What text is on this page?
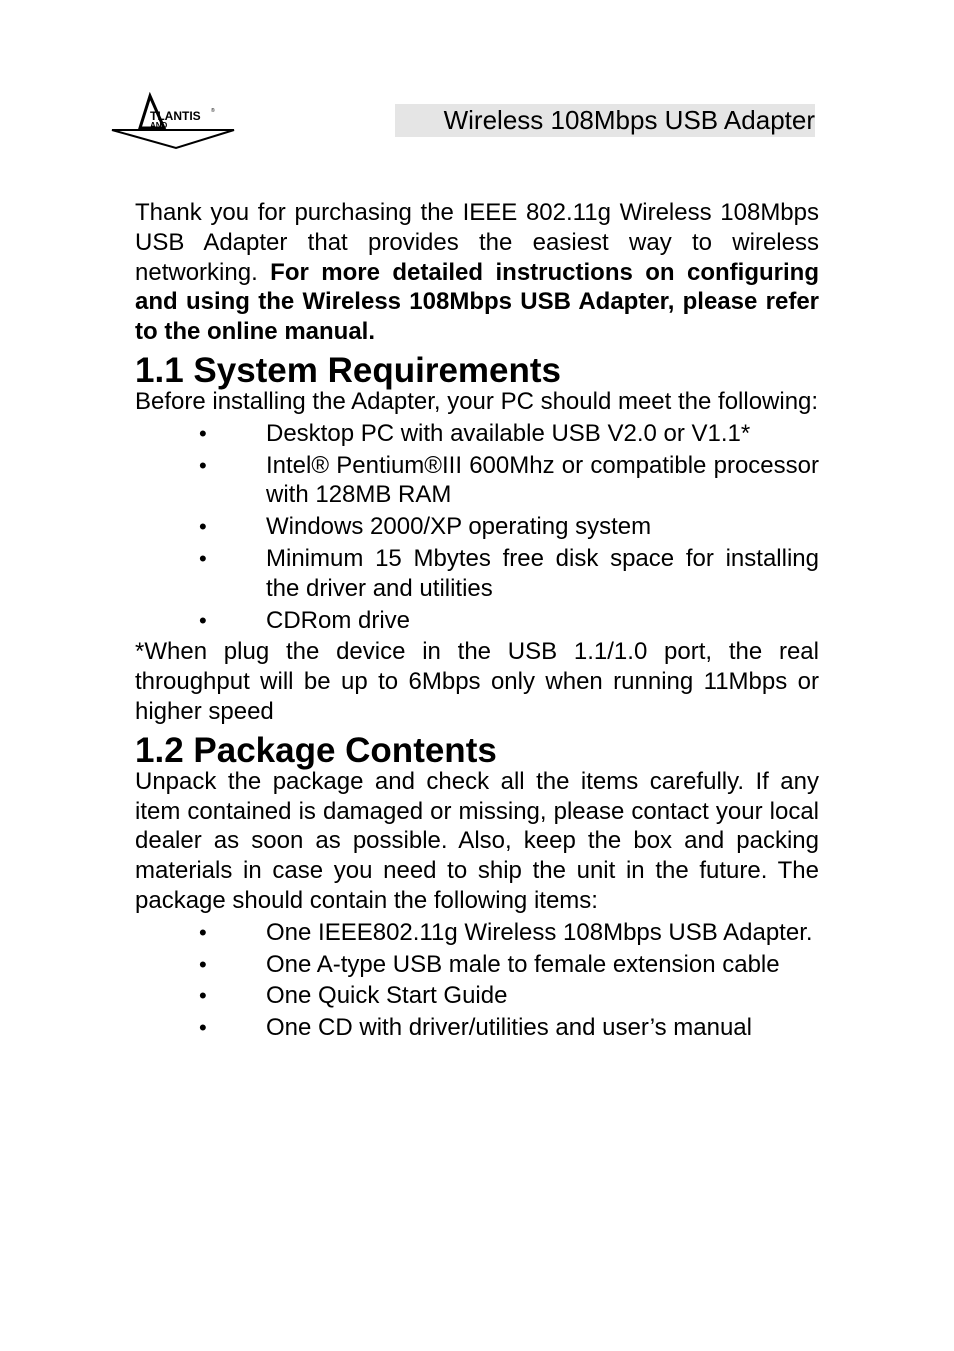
TLANTIS
AND
®	Wireless 108Mbps USB Adapter

Thank you for purchasing the IEEE 802.11g Wireless 108Mbps USB Adapter that provides the easiest way to wireless networking. For more detailed instructions on configuring and using the Wireless 108Mbps USB Adapter, please refer to the online manual.

1.1 System Requirements

Before installing the Adapter, your PC should meet the following:

• Desktop PC with available USB V2.0 or V1.1*
• Intel® Pentium®III 600Mhz or compatible processor with 128MB RAM
• Windows 2000/XP operating system
• Minimum 15 Mbytes free disk space for installing the driver and utilities
• CDRom drive

*When plug the device in the USB 1.1/1.0 port, the real throughput will be up to 6Mbps only when running 11Mbps or higher speed

1.2 Package Contents

Unpack the package and check all the items carefully. If any item contained is damaged or missing, please contact your local dealer as soon as possible. Also, keep the box and packing materials in case you need to ship the unit in the future. The package should contain the following items:

• One IEEE802.11g Wireless 108Mbps USB Adapter.
• One A-type USB male to female extension cable
• One Quick Start Guide
• One CD with driver/utilities and user’s manual
